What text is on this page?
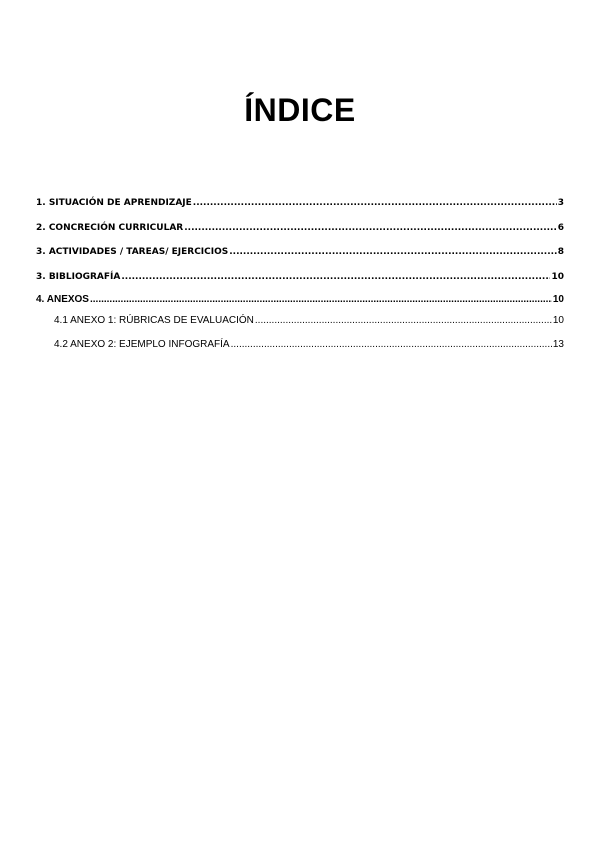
ÍNDICE
1. SITUACIÓN DE APRENDIZAJE .....	3
2. CONCRECIÓN CURRICULAR .....	6
3. ACTIVIDADES / TAREAS/ EJERCICIOS .....	8
3. BIBLIOGRAFÍA .....	10
4. ANEXOS .....	10
4.1 ANEXO 1: RÚBRICAS DE EVALUACIÓN .....	10
4.2 ANEXO 2: EJEMPLO INFOGRAFÍA .....	13
